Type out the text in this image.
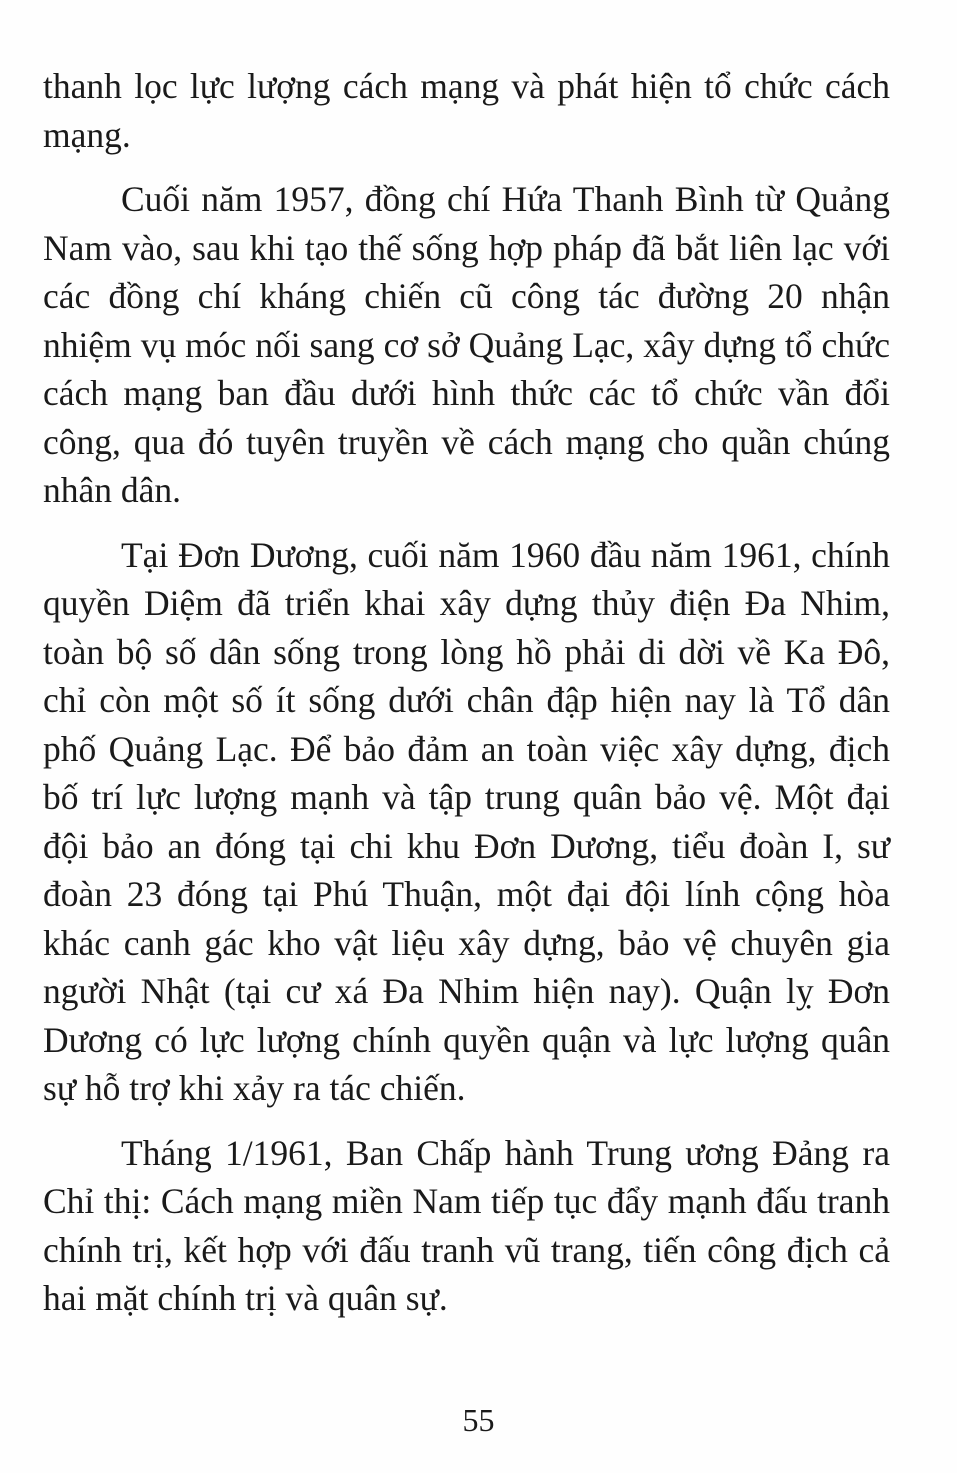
thanh lọc lực lượng cách mạng và phát hiện tổ chức cách mạng.

Cuối năm 1957, đồng chí Hứa Thanh Bình từ Quảng Nam vào, sau khi tạo thế sống hợp pháp đã bắt liên lạc với các đồng chí kháng chiến cũ công tác đường 20 nhận nhiệm vụ móc nối sang cơ sở Quảng Lạc, xây dựng tổ chức cách mạng ban đầu dưới hình thức các tổ chức vần đổi công, qua đó tuyên truyền về cách mạng cho quần chúng nhân dân.

Tại Đơn Dương, cuối năm 1960 đầu năm 1961, chính quyền Diệm đã triển khai xây dựng thủy điện Đa Nhim, toàn bộ số dân sống trong lòng hồ phải di dời về Ka Đô, chỉ còn một số ít sống dưới chân đập hiện nay là Tổ dân phố Quảng Lạc. Để bảo đảm an toàn việc xây dựng, địch bố trí lực lượng mạnh và tập trung quân bảo vệ. Một đại đội bảo an đóng tại chi khu Đơn Dương, tiểu đoàn I, sư đoàn 23 đóng tại Phú Thuận, một đại đội lính cộng hòa khác canh gác kho vật liệu xây dựng, bảo vệ chuyên gia người Nhật (tại cư xá Đa Nhim hiện nay). Quận lỵ Đơn Dương có lực lượng chính quyền quận và lực lượng quân sự hỗ trợ khi xảy ra tác chiến.

Tháng 1/1961, Ban Chấp hành Trung ương Đảng ra Chỉ thị: Cách mạng miền Nam tiếp tục đẩy mạnh đấu tranh chính trị, kết hợp với đấu tranh vũ trang, tiến công địch cả hai mặt chính trị và quân sự.

55
